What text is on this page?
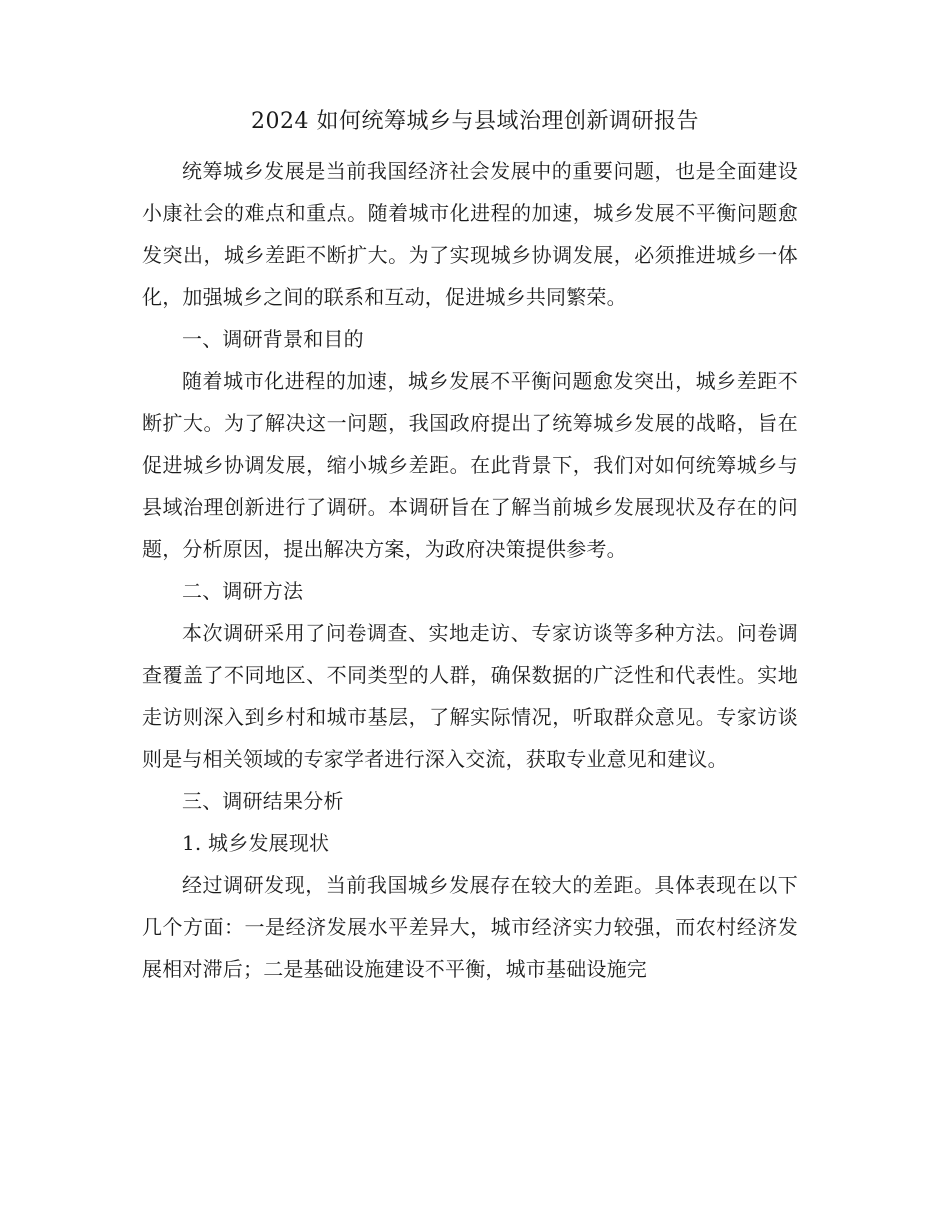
2024 如何统筹城乡与县域治理创新调研报告

统筹城乡发展是当前我国经济社会发展中的重要问题，也是全面建设小康社会的难点和重点。随着城市化进程的加速，城乡发展不平衡问题愈发突出，城乡差距不断扩大。为了实现城乡协调发展，必须推进城乡一体化，加强城乡之间的联系和互动，促进城乡共同繁荣。

一、调研背景和目的

随着城市化进程的加速，城乡发展不平衡问题愈发突出，城乡差距不断扩大。为了解决这一问题，我国政府提出了统筹城乡发展的战略，旨在促进城乡协调发展，缩小城乡差距。在此背景下，我们对如何统筹城乡与县域治理创新进行了调研。本调研旨在了解当前城乡发展现状及存在的问题，分析原因，提出解决方案，为政府决策提供参考。

二、调研方法

本次调研采用了问卷调查、实地走访、专家访谈等多种方法。问卷调查覆盖了不同地区、不同类型的人群，确保数据的广泛性和代表性。实地走访则深入到乡村和城市基层，了解实际情况，听取群众意见。专家访谈则是与相关领域的专家学者进行深入交流，获取专业意见和建议。

三、调研结果分析

1. 城乡发展现状

经过调研发现，当前我国城乡发展存在较大的差距。具体表现在以下几个方面：一是经济发展水平差异大，城市经济实力较强，而农村经济发展相对滞后；二是基础设施建设不平衡，城市基础设施完
